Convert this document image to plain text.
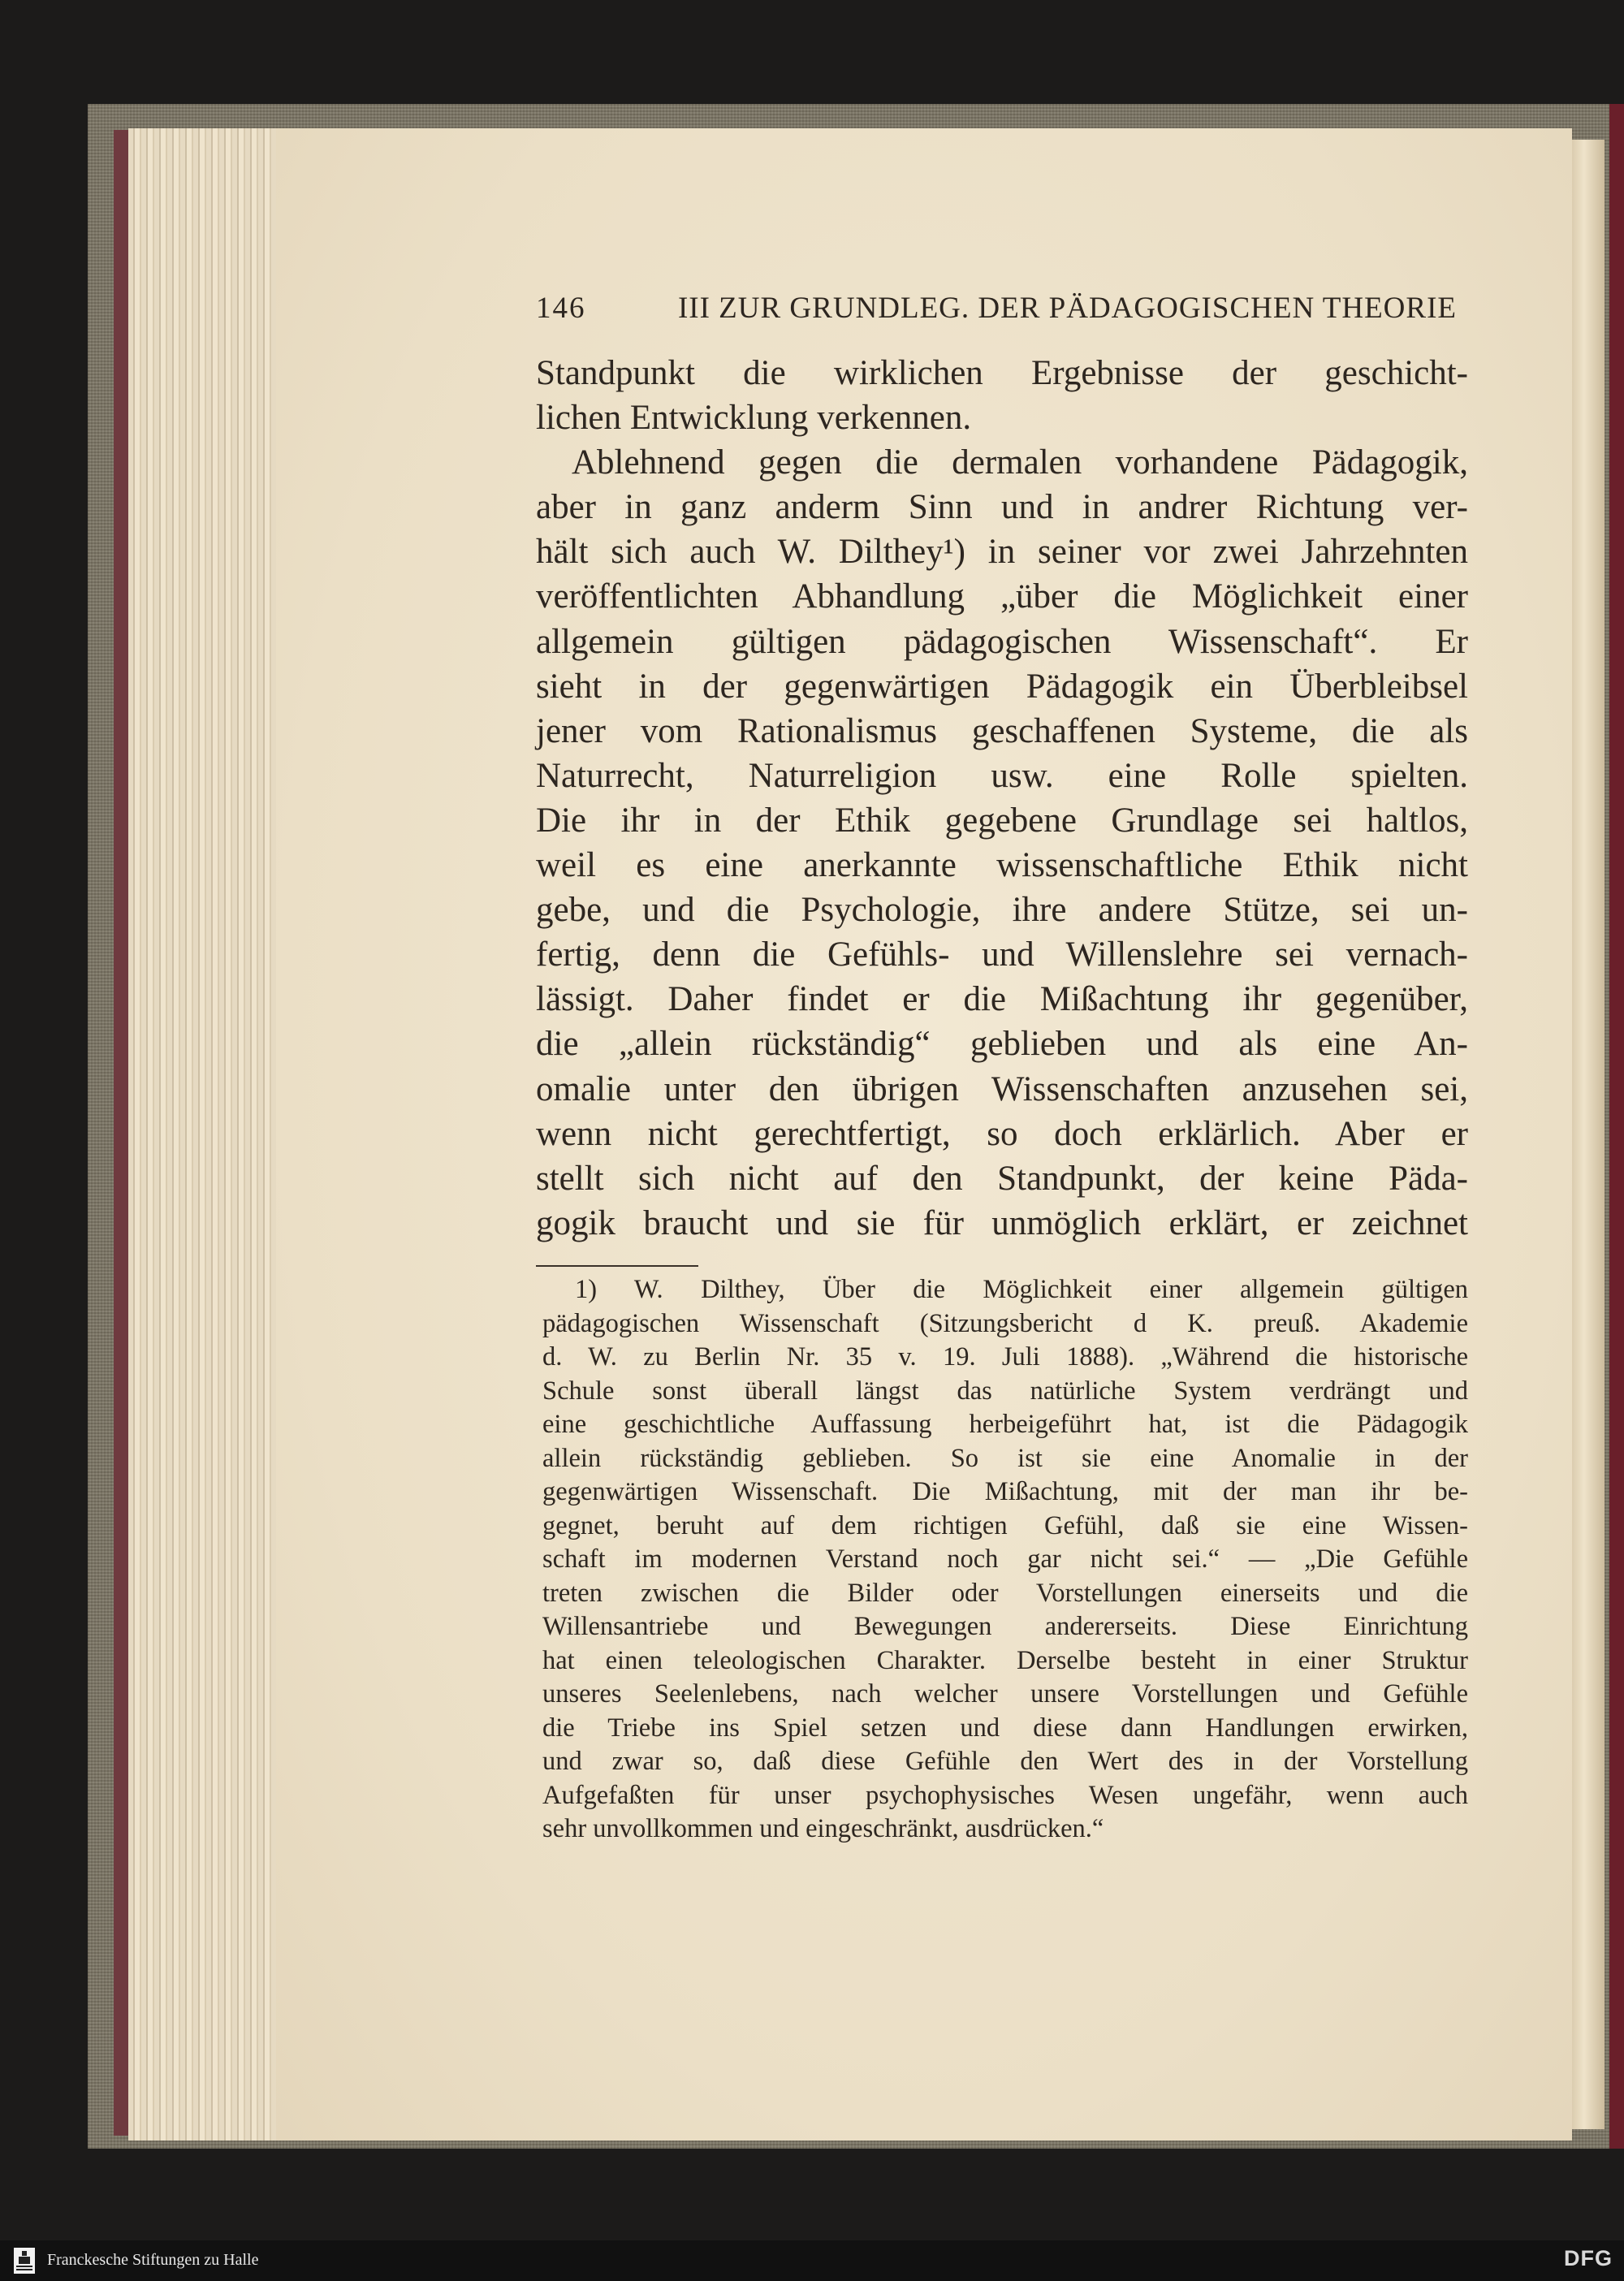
146	III ZUR GRUNDLEG. DER PÄDAGOGISCHEN THEORIE
Standpunkt die wirklichen Ergebnisse der geschicht-
lichen Entwicklung verkennen.
Ablehnend gegen die dermalen vorhandene Pädagogik,
aber in ganz anderm Sinn und in andrer Richtung ver-
hält sich auch W. Dilthey¹) in seiner vor zwei Jahrzehnten
veröffentlichten Abhandlung „über die Möglichkeit einer
allgemein gültigen pädagogischen Wissenschaft“. Er
sieht in der gegenwärtigen Pädagogik ein Überbleibsel
jener vom Rationalismus geschaffenen Systeme, die als
Naturrecht, Naturreligion usw. eine Rolle spielten.
Die ihr in der Ethik gegebene Grundlage sei haltlos,
weil es eine anerkannte wissenschaftliche Ethik nicht
gebe, und die Psychologie, ihre andere Stütze, sei un-
fertig, denn die Gefühls- und Willenslehre sei vernach-
lässigt. Daher findet er die Mißachtung ihr gegenüber,
die „allein rückständig“ geblieben und als eine An-
omalie unter den übrigen Wissenschaften anzusehen sei,
wenn nicht gerechtfertigt, so doch erklärlich. Aber er
stellt sich nicht auf den Standpunkt, der keine Päda-
gogik braucht und sie für unmöglich erklärt, er zeichnet
1) W. Dilthey, Über die Möglichkeit einer allgemein gültigen
pädagogischen Wissenschaft (Sitzungsbericht d K. preuß. Akademie
d. W. zu Berlin Nr. 35 v. 19. Juli 1888). „Während die historische
Schule sonst überall längst das natürliche System verdrängt und
eine geschichtliche Auffassung herbeigeführt hat, ist die Pädagogik
allein rückständig geblieben. So ist sie eine Anomalie in der
gegenwärtigen Wissenschaft. Die Mißachtung, mit der man ihr be-
gegnet, beruht auf dem richtigen Gefühl, daß sie eine Wissen-
schaft im modernen Verstand noch gar nicht sei.“ — „Die Gefühle
treten zwischen die Bilder oder Vorstellungen einerseits und die
Willensantriebe und Bewegungen andererseits. Diese Einrichtung
hat einen teleologischen Charakter. Derselbe besteht in einer Struktur
unseres Seelenlebens, nach welcher unsere Vorstellungen und Gefühle
die Triebe ins Spiel setzen und diese dann Handlungen erwirken,
und zwar so, daß diese Gefühle den Wert des in der Vorstellung
Aufgefaßten für unser psychophysisches Wesen ungefähr, wenn auch
sehr unvollkommen und eingeschränkt, ausdrücken.“
Franckesche Stiftungen zu Halle	DFG
